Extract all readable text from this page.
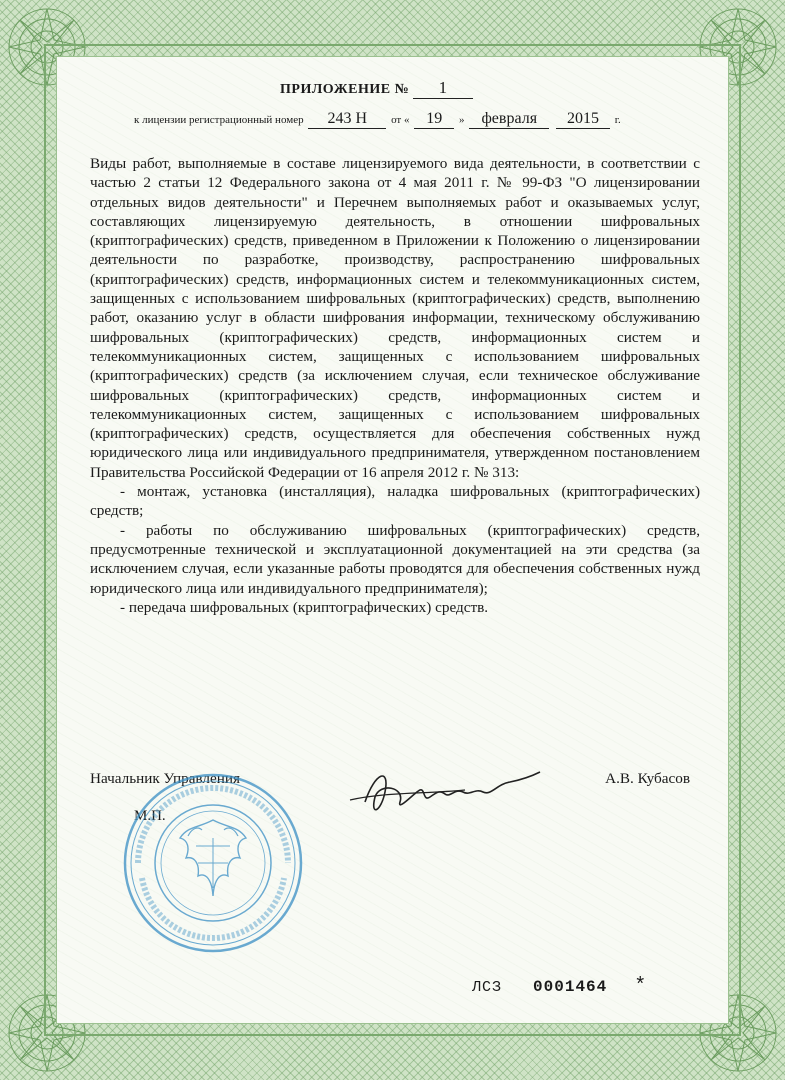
ПРИЛОЖЕНИЕ № 1
к лицензии регистрационный номер 243 Н от « 19 » февраля 2015 г.

Виды работ, выполняемые в составе лицензируемого вида деятельности, в соответствии с частью 2 статьи 12 Федерального закона от 4 мая 2011 г. № 99-ФЗ "О лицензировании отдельных видов деятельности" и Перечнем выполняемых работ и оказываемых услуг, составляющих лицензируемую деятельность, в отношении шифровальных (криптографических) средств, приведенном в Приложении к Положению о лицензировании деятельности по разработке, производству, распространению шифровальных (криптографических) средств, информационных систем и телекоммуникационных систем, защищенных с использованием шифровальных (криптографических) средств, выполнению работ, оказанию услуг в области шифрования информации, техническому обслуживанию шифровальных (криптографических) средств, информационных систем и телекоммуникационных систем, защищенных с использованием шифровальных (криптографических) средств (за исключением случая, если техническое обслуживание шифровальных (криптографических) средств, информационных систем и телекоммуникационных систем, защищенных с использованием шифровальных (криптографических) средств, осуществляется для обеспечения собственных нужд юридического лица или индивидуального предпринимателя, утвержденном постановлением Правительства Российской Федерации от 16 апреля 2012 г. № 313:

- монтаж, установка (инсталляция), наладка шифровальных (криптографических) средств;

- работы по обслуживанию шифровальных (криптографических) средств, предусмотренные технической и эксплуатационной документацией на эти средства (за исключением случая, если указанные работы проводятся для обеспечения собственных нужд юридического лица или индивидуального предпринимателя);

- передача шифровальных (криптографических) средств.

Начальник Управления	А.В. Кубасов
М.П.
ЛСЗ 0001464 *
